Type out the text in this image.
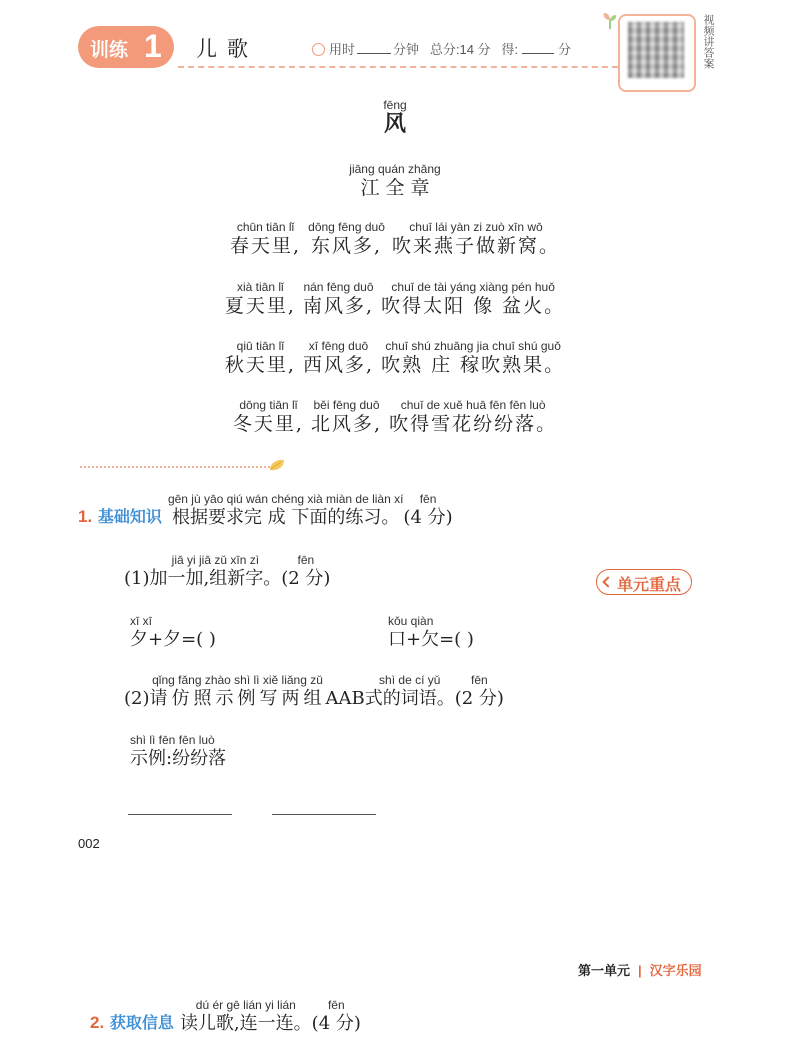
训练 1 儿歌	用时	分钟 总分:14 分 得:	分	视频讲答案
fēng
风
jiāng quán zhāng
江 全 章
chūn tiān lǐ
春天里,

dōng fēng duō
东风多,

chuī lái yàn zi zuò xīn wō
吹来燕子做新窝。
xià tiān lǐ
夏天里,

nán fēng duō
南风多,

chuī de tài yáng xiàng pén huǒ
吹得太阳 像 盆火。
qiū tiān lǐ
秋天里,

xī fēng duō
西风多,

chuī shú zhuāng jia chuī shú guǒ
吹熟 庄 稼吹熟果。
dōng tiān lǐ
冬天里,

běi fēng duō
北风多,

chuī de xuě huā fēn fēn luò
吹得雪花纷纷落。
1. 基础知识
gēn jù yāo qiú wán chéng xià miàn de liàn xí
根据要求完 成 下面的练习。
fēn
(4 分)
(1)
jiā yi jiā zǔ xīn zì
加一加,组新字。
fēn
(2 分)	单元重点
xī xī
夕+夕=( )
kǒu qiàn
口+欠=( )
(2)
qǐng fǎng zhào shì lì xiě liǎng zǔ
请仿照示例写两组 AAB
shì de cí yǔ
式的词语。
fēn
(2 分)
shì lì fēn fēn luò
示例:纷纷落
002
第一单元 | 汉字乐园
2. 获取信息
dú ér gē lián yi lián
读儿歌,连一连。
fēn
(4 分)
